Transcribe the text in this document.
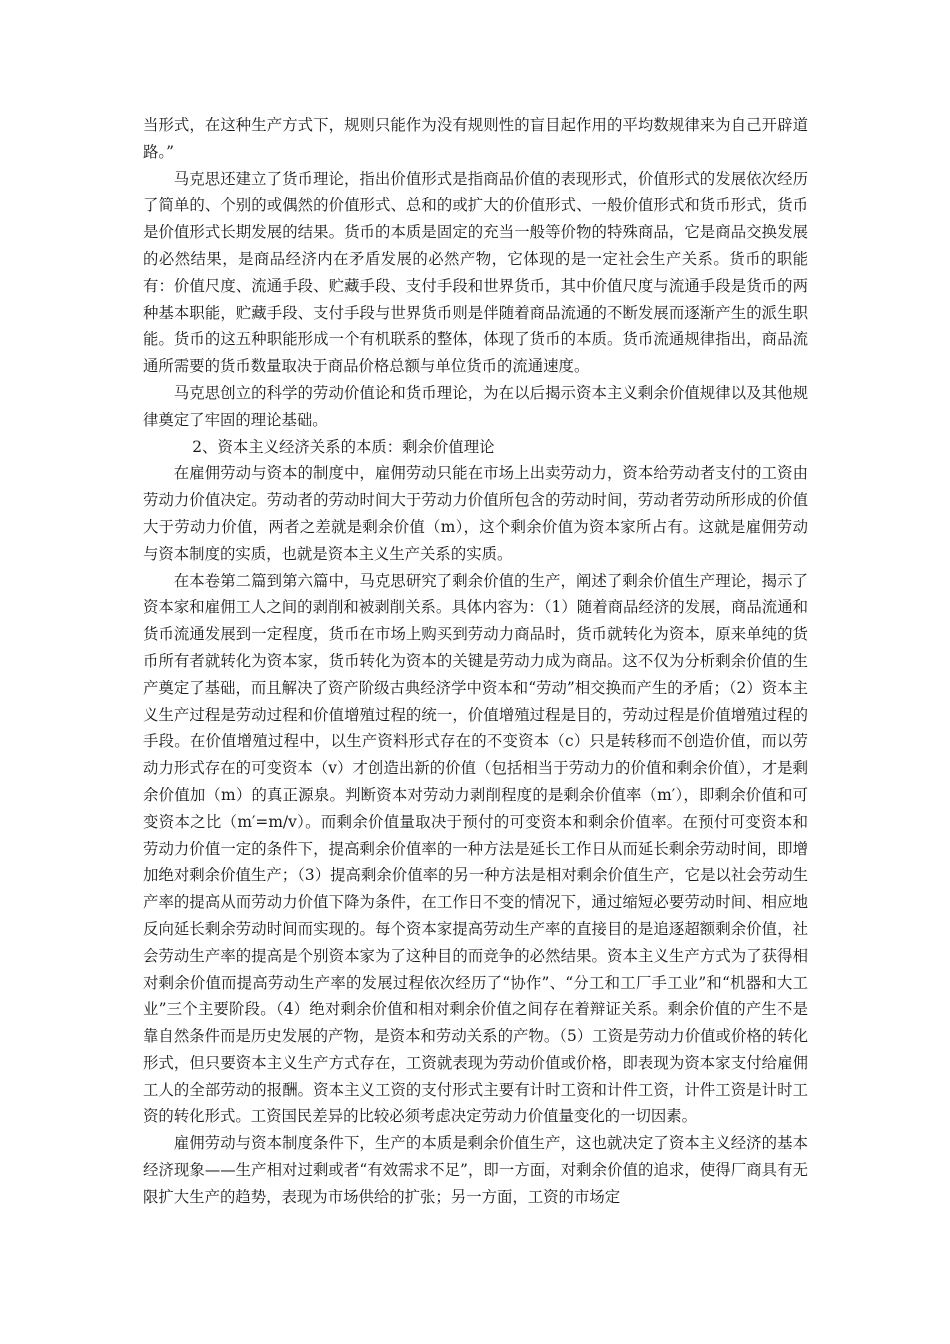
当形式，在这种生产方式下，规则只能作为没有规则性的盲目起作用的平均数规律来为自己开辟道路。”

马克思还建立了货币理论，指出价值形式是指商品价值的表现形式，价值形式的发展依次经历了简单的、个别的或偶然的价值形式、总和的或扩大的价值形式、一般价值形式和货币形式，货币是价值形式长期发展的结果。货币的本质是固定的充当一般等价物的特殊商品，它是商品交换发展的必然结果，是商品经济内在矛盾发展的必然产物，它体现的是一定社会生产关系。货币的职能有：价值尺度、流通手段、贮藏手段、支付手段和世界货币，其中价值尺度与流通手段是货币的两种基本职能，贮藏手段、支付手段与世界货币则是伴随着商品流通的不断发展而逐渐产生的派生职能。货币的这五种职能形成一个有机联系的整体，体现了货币的本质。货币流通规律指出，商品流通所需要的货币数量取决于商品价格总额与单位货币的流通速度。

马克思创立的科学的劳动价值论和货币理论，为在以后揭示资本主义剩余价值规律以及其他规律奠定了牢固的理论基础。

2、资本主义经济关系的本质：剩余价值理论

在雇佣劳动与资本的制度中，雇佣劳动只能在市场上出卖劳动力，资本给劳动者支付的工资由劳动力价值决定。劳动者的劳动时间大于劳动力价值所包含的劳动时间，劳动者劳动所形成的价值大于劳动力价值，两者之差就是剩余价值（m），这个剩余价值为资本家所占有。这就是雇佣劳动与资本制度的实质，也就是资本主义生产关系的实质。

在本卷第二篇到第六篇中，马克思研究了剩余价值的生产，阐述了剩余价值生产理论，揭示了资本家和雇佣工人之间的剥削和被剥削关系。具体内容为：（1）随着商品经济的发展，商品流通和货币流通发展到一定程度，货币在市场上购买到劳动力商品时，货币就转化为资本，原来单纯的货币所有者就转化为资本家，货币转化为资本的关键是劳动力成为商品。这不仅为分析剩余价值的生产奠定了基础，而且解决了资产阶级古典经济学中资本和“劳动”相交换而产生的矛盾；（2）资本主义生产过程是劳动过程和价值增殖过程的统一，价值增殖过程是目的，劳动过程是价值增殖过程的手段。在价值增殖过程中，以生产资料形式存在的不变资本（c）只是转移而不创造价值，而以劳动力形式存在的可变资本（v）才创造出新的价值（包括相当于劳动力的价值和剩余价值），才是剩余价值加（m）的真正源泉。判断资本对劳动力剥削程度的是剩余价值率（m′），即剩余价值和可变资本之比（m′=m/v）。而剩余价值量取决于预付的可变资本和剩余价值率。在预付可变资本和劳动力价值一定的条件下，提高剩余价值率的一种方法是延长工作日从而延长剩余劳动时间，即增加绝对剩余价值生产；（3）提高剩余价值率的另一种方法是相对剩余价值生产，它是以社会劳动生产率的提高从而劳动力价值下降为条件，在工作日不变的情况下，通过缩短必要劳动时间、相应地反向延长剩余劳动时间而实现的。每个资本家提高劳动生产率的直接目的是追逐超额剩余价值，社会劳动生产率的提高是个别资本家为了这种目的而竞争的必然结果。资本主义生产方式为了获得相对剩余价值而提高劳动生产率的发展过程依次经历了“协作”、“分工和工厂手工业”和“机器和大工业”三个主要阶段。（4）绝对剩余价值和相对剩余价值之间存在着辩证关系。剩余价值的产生不是靠自然条件而是历史发展的产物，是资本和劳动关系的产物。（5）工资是劳动力价值或价格的转化形式，但只要资本主义生产方式存在，工资就表现为劳动价值或价格，即表现为资本家支付给雇佣工人的全部劳动的报酬。资本主义工资的支付形式主要有计时工资和计件工资，计件工资是计时工资的转化形式。工资国民差异的比较必须考虑决定劳动力价值量变化的一切因素。

雇佣劳动与资本制度条件下，生产的本质是剩余价值生产，这也就决定了资本主义经济的基本经济现象——生产相对过剩或者“有效需求不足”，即一方面，对剩余价值的追求，使得厂商具有无限扩大生产的趋势，表现为市场供给的扩张；另一方面，工资的市场定
